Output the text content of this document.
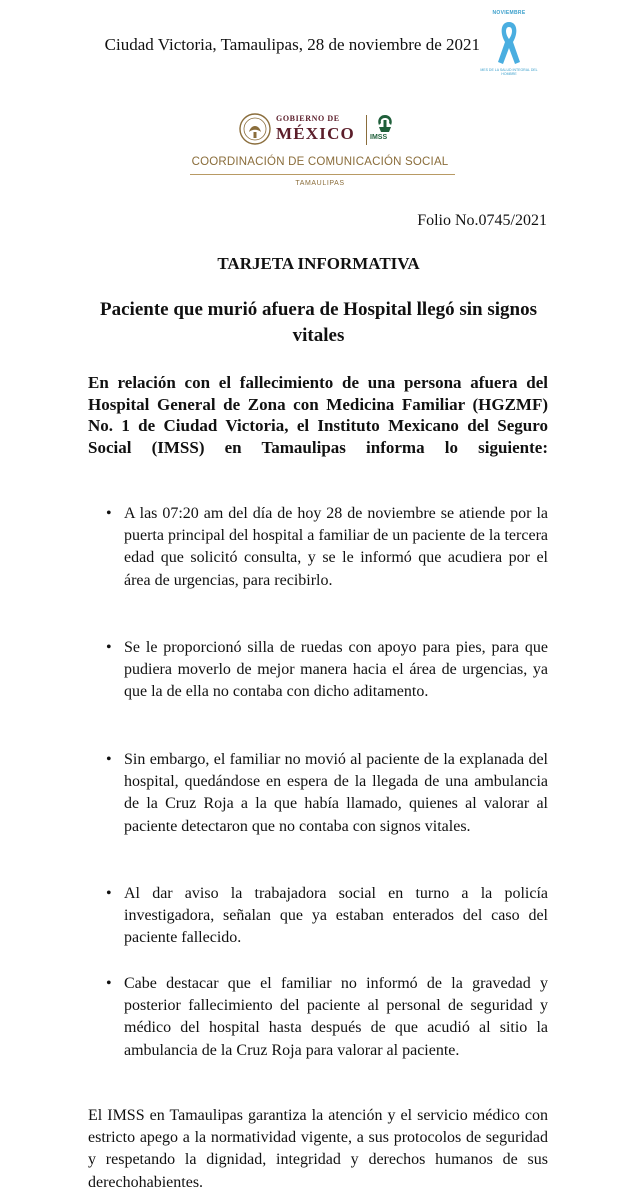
Ciudad Victoria, Tamaulipas, 28 de noviembre de 2021
NOVIEMBRE
MES DE LA SALUD INTEGRAL DEL HOMBRE
GOBIERNO DE
MÉXICO IMSS
COORDINACIÓN DE COMUNICACIÓN SOCIAL
TAMAULIPAS
Folio No.0745/2021
TARJETA INFORMATIVA
Paciente que murió afuera de Hospital llegó sin signos vitales
En relación con el fallecimiento de una persona afuera del Hospital General de Zona con Medicina Familiar (HGZMF) No. 1 de Ciudad Victoria, el Instituto Mexicano del Seguro Social (IMSS) en Tamaulipas informa lo siguiente:
• A las 07:20 am del día de hoy 28 de noviembre se atiende por la puerta principal del hospital a familiar de un paciente de la tercera edad que solicitó consulta, y se le informó que acudiera por el área de urgencias, para recibirlo.
• Se le proporcionó silla de ruedas con apoyo para pies, para que pudiera moverlo de mejor manera hacia el área de urgencias, ya que la de ella no contaba con dicho aditamento.
• Sin embargo, el familiar no movió al paciente de la explanada del hospital, quedándose en espera de la llegada de una ambulancia de la Cruz Roja a la que había llamado, quienes al valorar al paciente detectaron que no contaba con signos vitales.
• Al dar aviso la trabajadora social en turno a la policía investigadora, señalan que ya estaban enterados del caso del paciente fallecido.
• Cabe destacar que el familiar no informó de la gravedad y posterior fallecimiento del paciente al personal de seguridad y médico del hospital hasta después de que acudió al sitio la ambulancia de la Cruz Roja para valorar al paciente.
El IMSS en Tamaulipas garantiza la atención y el servicio médico con estricto apego a la normatividad vigente, a sus protocolos de seguridad y respetando la dignidad, integridad y derechos humanos de sus derechohabientes.
